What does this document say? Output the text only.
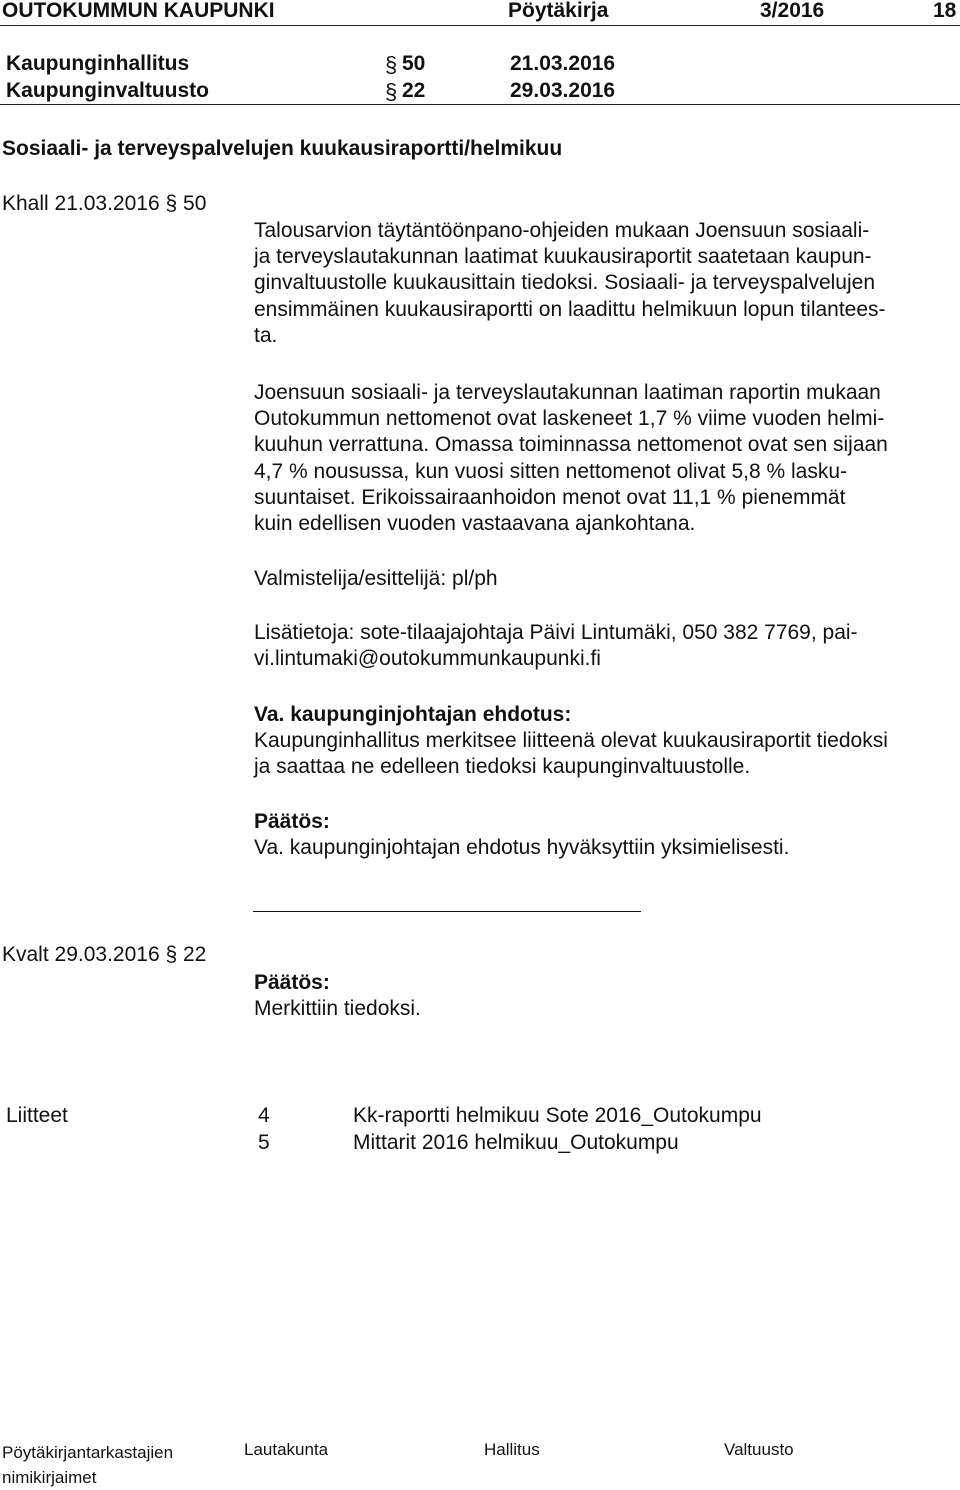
OUTOKUMMUN KAUPUNKI	Pöytäkirja	3/2016	18
Kaupunginhallitus	§ 50	21.03.2016
Kaupunginvaltuusto	§ 22	29.03.2016
Sosiaali- ja terveyspalvelujen kuukausiraportti/helmikuu
Khall 21.03.2016 § 50
Talousarvion täytäntöönpano-ohjeiden mukaan Joensuun sosiaali-
ja terveyslautakunnan laatimat kuukausiraportit saatetaan kaupun-
ginvaltuustolle kuukausittain tiedoksi. Sosiaali- ja terveyspalvelujen
ensimmäinen kuukausiraportti on laadittu helmikuun lopun tilantees-
ta.
Joensuun sosiaali- ja terveyslautakunnan laatiman raportin mukaan
Outokummun nettomenot ovat laskeneet 1,7 % viime vuoden helmi-
kuuhun verrattuna. Omassa toiminnassa nettomenot ovat sen sijaan
4,7 % nousussa, kun vuosi sitten nettomenot olivat 5,8 % lasku-
suuntaiset. Erikoissairaanhoidon menot ovat 11,1 % pienemmät
kuin edellisen vuoden vastaavana ajankohtana.
Valmistelija/esittelijä: pl/ph
Lisätietoja: sote-tilaajajohtaja Päivi Lintumäki, 050 382 7769, pai-
vi.lintumaki@outokummunkaupunki.fi
Va. kaupunginjohtajan ehdotus:
Kaupunginhallitus merkitsee liitteenä olevat kuukausiraportit tiedoksi
ja saattaa ne edelleen tiedoksi kaupunginvaltuustolle.
Päätös:
Va. kaupunginjohtajan ehdotus hyväksyttiin yksimielisesti.
Kvalt 29.03.2016 § 22
Päätös:
Merkittiin tiedoksi.
Liitteet	4	Kk-raportti helmikuu Sote 2016_Outokumpu
5	Mittarit 2016 helmikuu_Outokumpu
Pöytäkirjantarkastajien
nimikirjaimet
Lautakunta	Hallitus	Valtuusto
